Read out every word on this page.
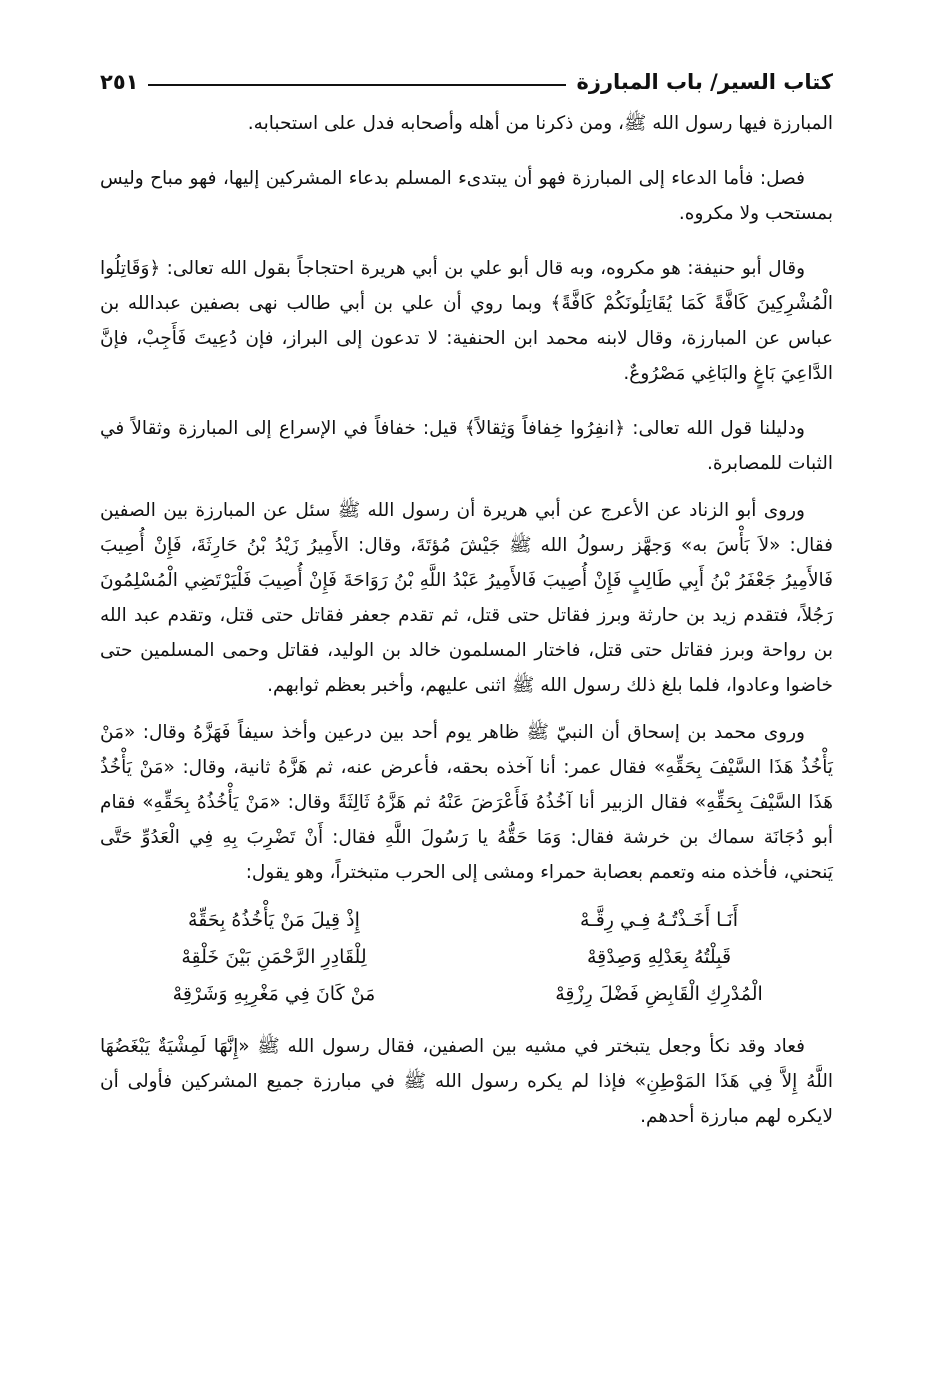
كتاب السير/ باب المبارزة
٢٥١

المبارزة فيها رسول الله ﷺ، ومن ذكرنا من أهله وأصحابه فدل على استحبابه.

فصل: فأما الدعاء إلى المبارزة فهو أن يبتدىء المسلم بدعاء المشركين إليها، فهو مباح وليس بمستحب ولا مكروه.

وقال أبو حنيفة: هو مكروه، وبه قال أبو علي بن أبي هريرة احتجاجاً بقول الله تعالى: ﴿وَقَاتِلُوا الْمُشْرِكِينَ كَافَّةً كَمَا يُقَاتِلُونَكُمْ كَافَّةً﴾ وبما روي أن علي بن أبي طالب نهى بصفين عبدالله بن عباس عن المبارزة، وقال لابنه محمد ابن الحنفية: لا تدعون إلى البراز، فإن دُعِيتَ فَأَجِبْ، فإنَّ الدَّاعِيَ بَاغٍ والبَاغِي مَصْرُوعٌ.

ودليلنا قول الله تعالى: ﴿انفِرُوا خِفافاً وَثِقالاً﴾ قيل: خفافاً في الإسراع إلى المبارزة وثقالاً في الثبات للمصابرة.

وروى أبو الزناد عن الأعرج عن أبي هريرة أن رسول الله ﷺ سئل عن المبارزة بين الصفين فقال: «لاَ بَأْسَ به» وَجهَّز رسولُ الله ﷺ جَيْشَ مُؤتَةَ، وقال: الأَمِيرُ زَيْدُ بْنُ حَارِثَةَ، فَإِنْ أُصِيبَ فَالأَمِيرُ جَعْفَرُ بْنُ أَبِي طَالِبٍ فَإِنْ أُصِيبَ فَالأَمِيرُ عَبْدُ اللَّهِ بْنُ رَوَاحَةَ فَإِنْ أُصِيبَ فَلْيَرْتَضِي الْمُسْلِمُونَ رَجُلاً، فتقدم زيد بن حارثة وبرز فقاتل حتى قتل، ثم تقدم جعفر فقاتل حتى قتل، وتقدم عبد الله بن رواحة وبرز فقاتل حتى قتل، فاختار المسلمون خالد بن الوليد، فقاتل وحمى المسلمين حتى خاضوا وعادوا، فلما بلغ ذلك رسول الله ﷺ اثنى عليهم، وأخبر بعظم ثوابهم.

وروى محمد بن إسحاق أن النبيّ ﷺ ظاهر يوم أحد بين درعين وأخذ سيفاً فَهَزَّهُ وقال: «مَنْ يَأْخُذُ هَذَا السَّيْفَ بِحَقِّهِ» فقال عمر: أنا آخذه بحقه، فأعرض عنه، ثم هَزَّهُ ثانية، وقال: «مَنْ يَأْخُذُ هَذَا السَّيْفَ بِحَقِّهِ» فقال الزبير أنا آخُذُهُ فَأَعْرَضَ عَنْهُ ثم هَزَّهُ ثَالِثَةً وقال: «مَنْ يَأْخُذُهُ بِحَقِّهِ» فقام أبو دُجَانَة سماك بن خرشة فقال: وَمَا حَقُّهُ يا رَسُولَ اللَّهِ فقال: أَنْ تَضْرِبَ بِهِ فِي الْعَدُوِّ حَتَّى يَنحني، فأخذه منه وتعمم بعصابة حمراء ومشى إلى الحرب متبختراً، وهو يقول:

أَنَـا أَخَـذْتُـهُ فِـي رِقَّـهْ
إِذْ قِيلَ مَنْ يَأْخُذُهُ بِحَقِّهْ
قَبِلْتُهُ بِعَدْلِهِ وَصِدْقِهْ
لِلْقَادِرِ الرَّحْمَنِ بَيْنَ خَلْقِهْ
الْمُدْرِكِ الْقَابِضِ فَضْلَ رِزْقِهْ
مَنْ كَانَ فِي مَغْرِبِهِ وَشَرْقِهْ

فعاد وقد نكأ وجعل يتبختر في مشيه بين الصفين، فقال رسول الله ﷺ «إِنَّهَا لَمِشْيَةٌ يَبْغَضُهَا اللَّهُ إِلاَّ فِي هَذَا المَوْطِنِ» فإذا لم يكره رسول الله ﷺ في مبارزة جميع المشركين فأولى أن لايكره لهم مبارزة أحدهم.
